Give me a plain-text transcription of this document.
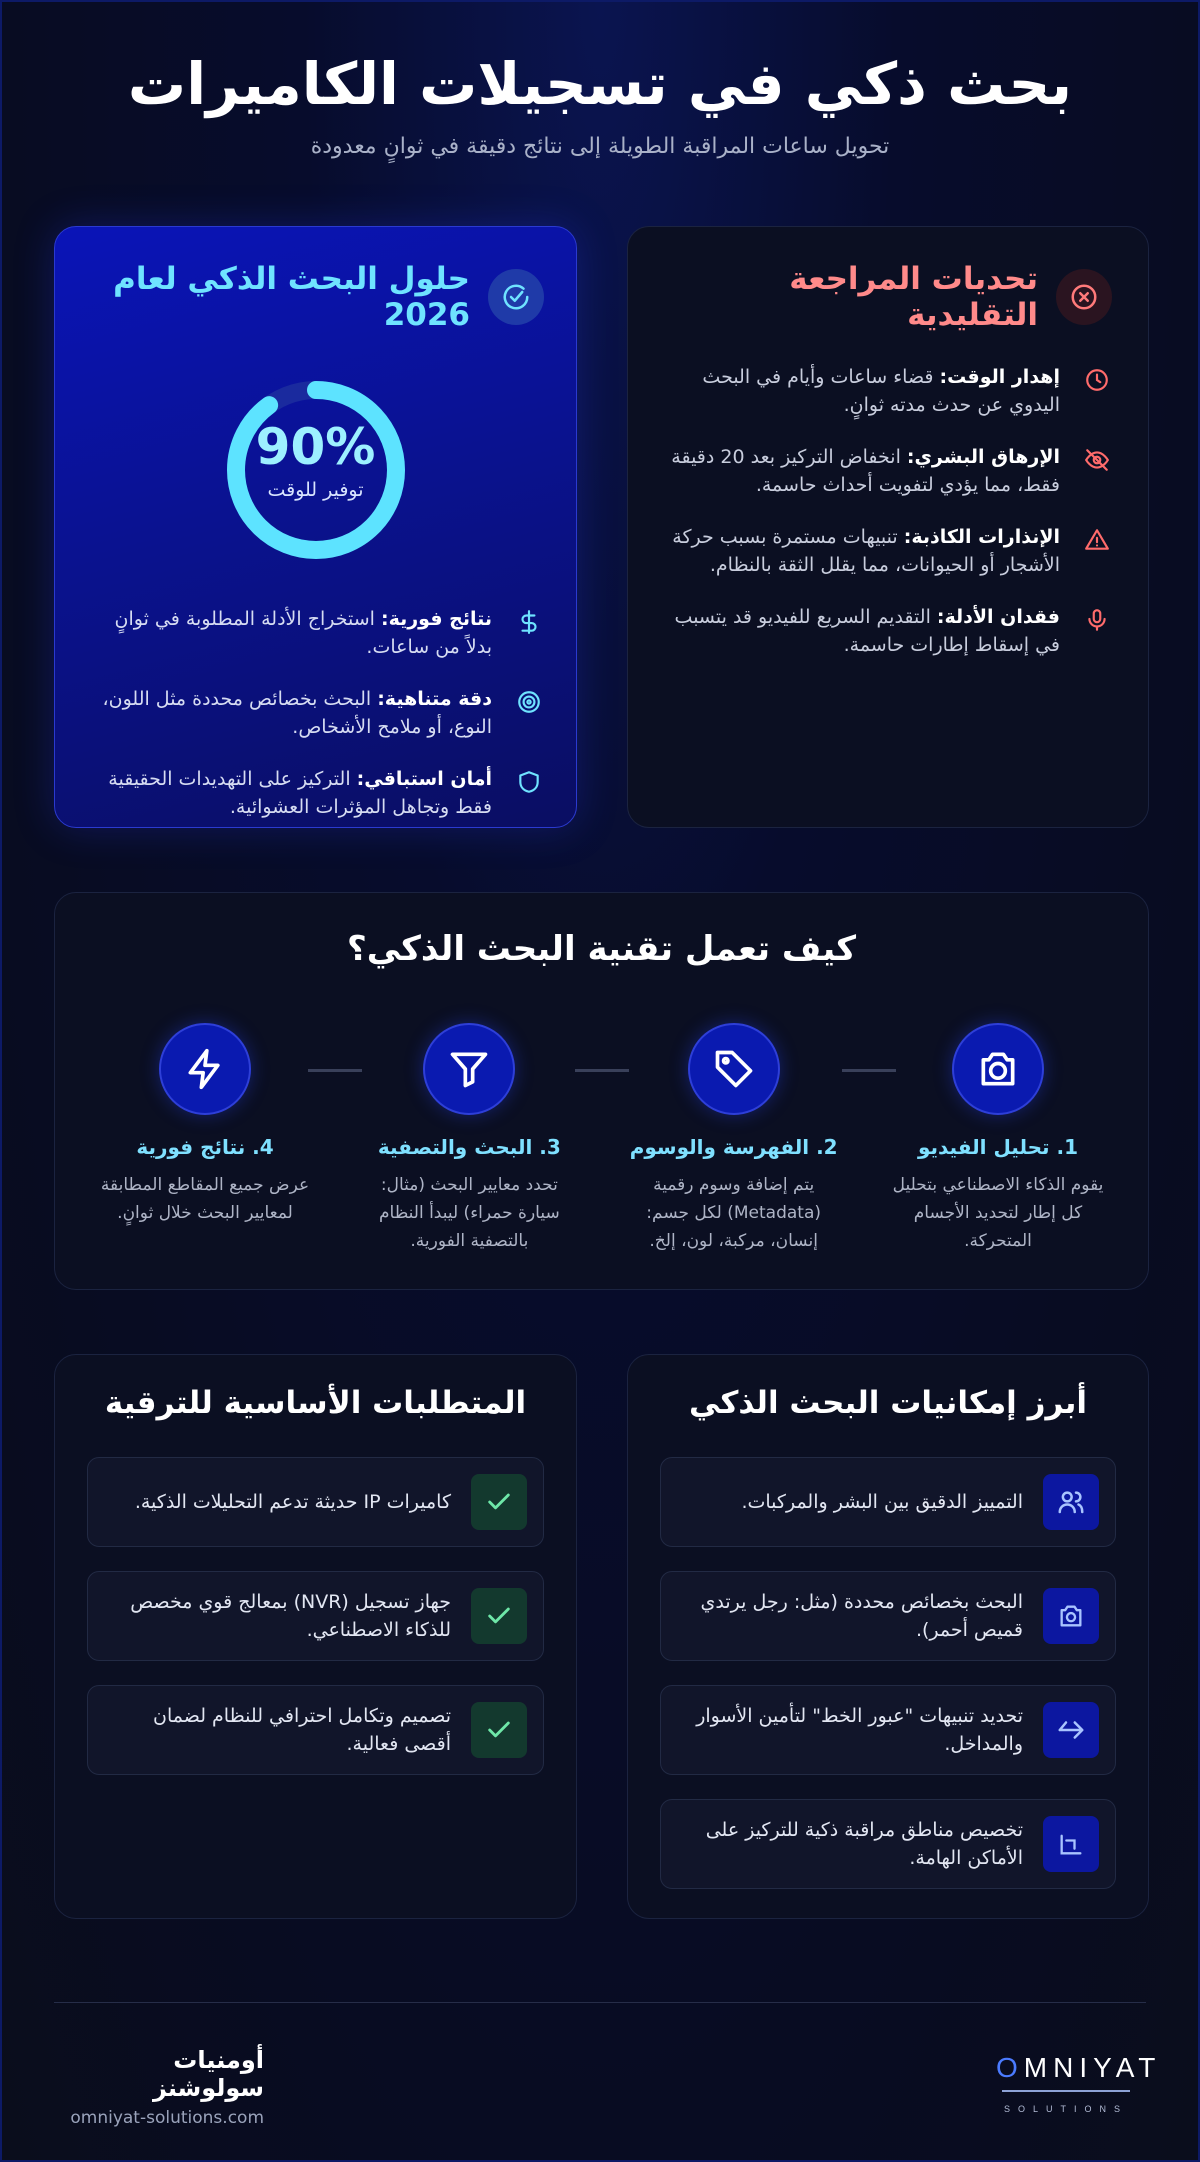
بحث ذكي في تسجيلات الكاميرات

تحويل ساعات المراقبة الطويلة إلى نتائج دقيقة في ثوانٍ معدودة

تحديات المراجعة التقليدية

إهدار الوقت: قضاء ساعات وأيام في البحث اليدوي عن حدث مدته ثوانٍ.

الإرهاق البشري: انخفاض التركيز بعد 20 دقيقة فقط، مما يؤدي لتفويت أحداث حاسمة.

الإنذارات الكاذبة: تنبيهات مستمرة بسبب حركة الأشجار أو الحيوانات، مما يقلل الثقة بالنظام.

فقدان الأدلة: التقديم السريع للفيديو قد يتسبب في إسقاط إطارات حاسمة.

حلول البحث الذكي لعام 2026
90%
توفير للوقت

نتائج فورية: استخراج الأدلة المطلوبة في ثوانٍ بدلاً من ساعات.

دقة متناهية: البحث بخصائص محددة مثل اللون، النوع، أو ملامح الأشخاص.

أمان استباقي: التركيز على التهديدات الحقيقية فقط وتجاهل المؤثرات العشوائية.

كيف تعمل تقنية البحث الذكي؟
1. تحليل الفيديو
يقوم الذكاء الاصطناعي بتحليل كل إطار لتحديد الأجسام المتحركة.
2. الفهرسة والوسوم
يتم إضافة وسوم رقمية (Metadata) لكل جسم: إنسان، مركبة، لون، إلخ.
3. البحث والتصفية
تحدد معايير البحث (مثال: سيارة حمراء) ليبدأ النظام بالتصفية الفورية.
4. نتائج فورية
عرض جميع المقاطع المطابقة لمعايير البحث خلال ثوانٍ.
أبرز إمكانيات البحث الذكي

التمييز الدقيق بين البشر والمركبات.

البحث بخصائص محددة (مثل: رجل يرتدي قميص أحمر).

تحديد تنبيهات "عبور الخط" لتأمين الأسوار والمداخل.

تخصيص مناطق مراقبة ذكية للتركيز على الأماكن الهامة.

المتطلبات الأساسية للترقية

كاميرات IP حديثة تدعم التحليلات الذكية.

جهاز تسجيل (NVR) بمعالج قوي مخصص للذكاء الاصطناعي.

تصميم وتكامل احترافي للنظام لضمان أقصى فعالية.

OMNIYAT
SOLUTIONS
أومنيات سولوشنز
omniyat-solutions.com
